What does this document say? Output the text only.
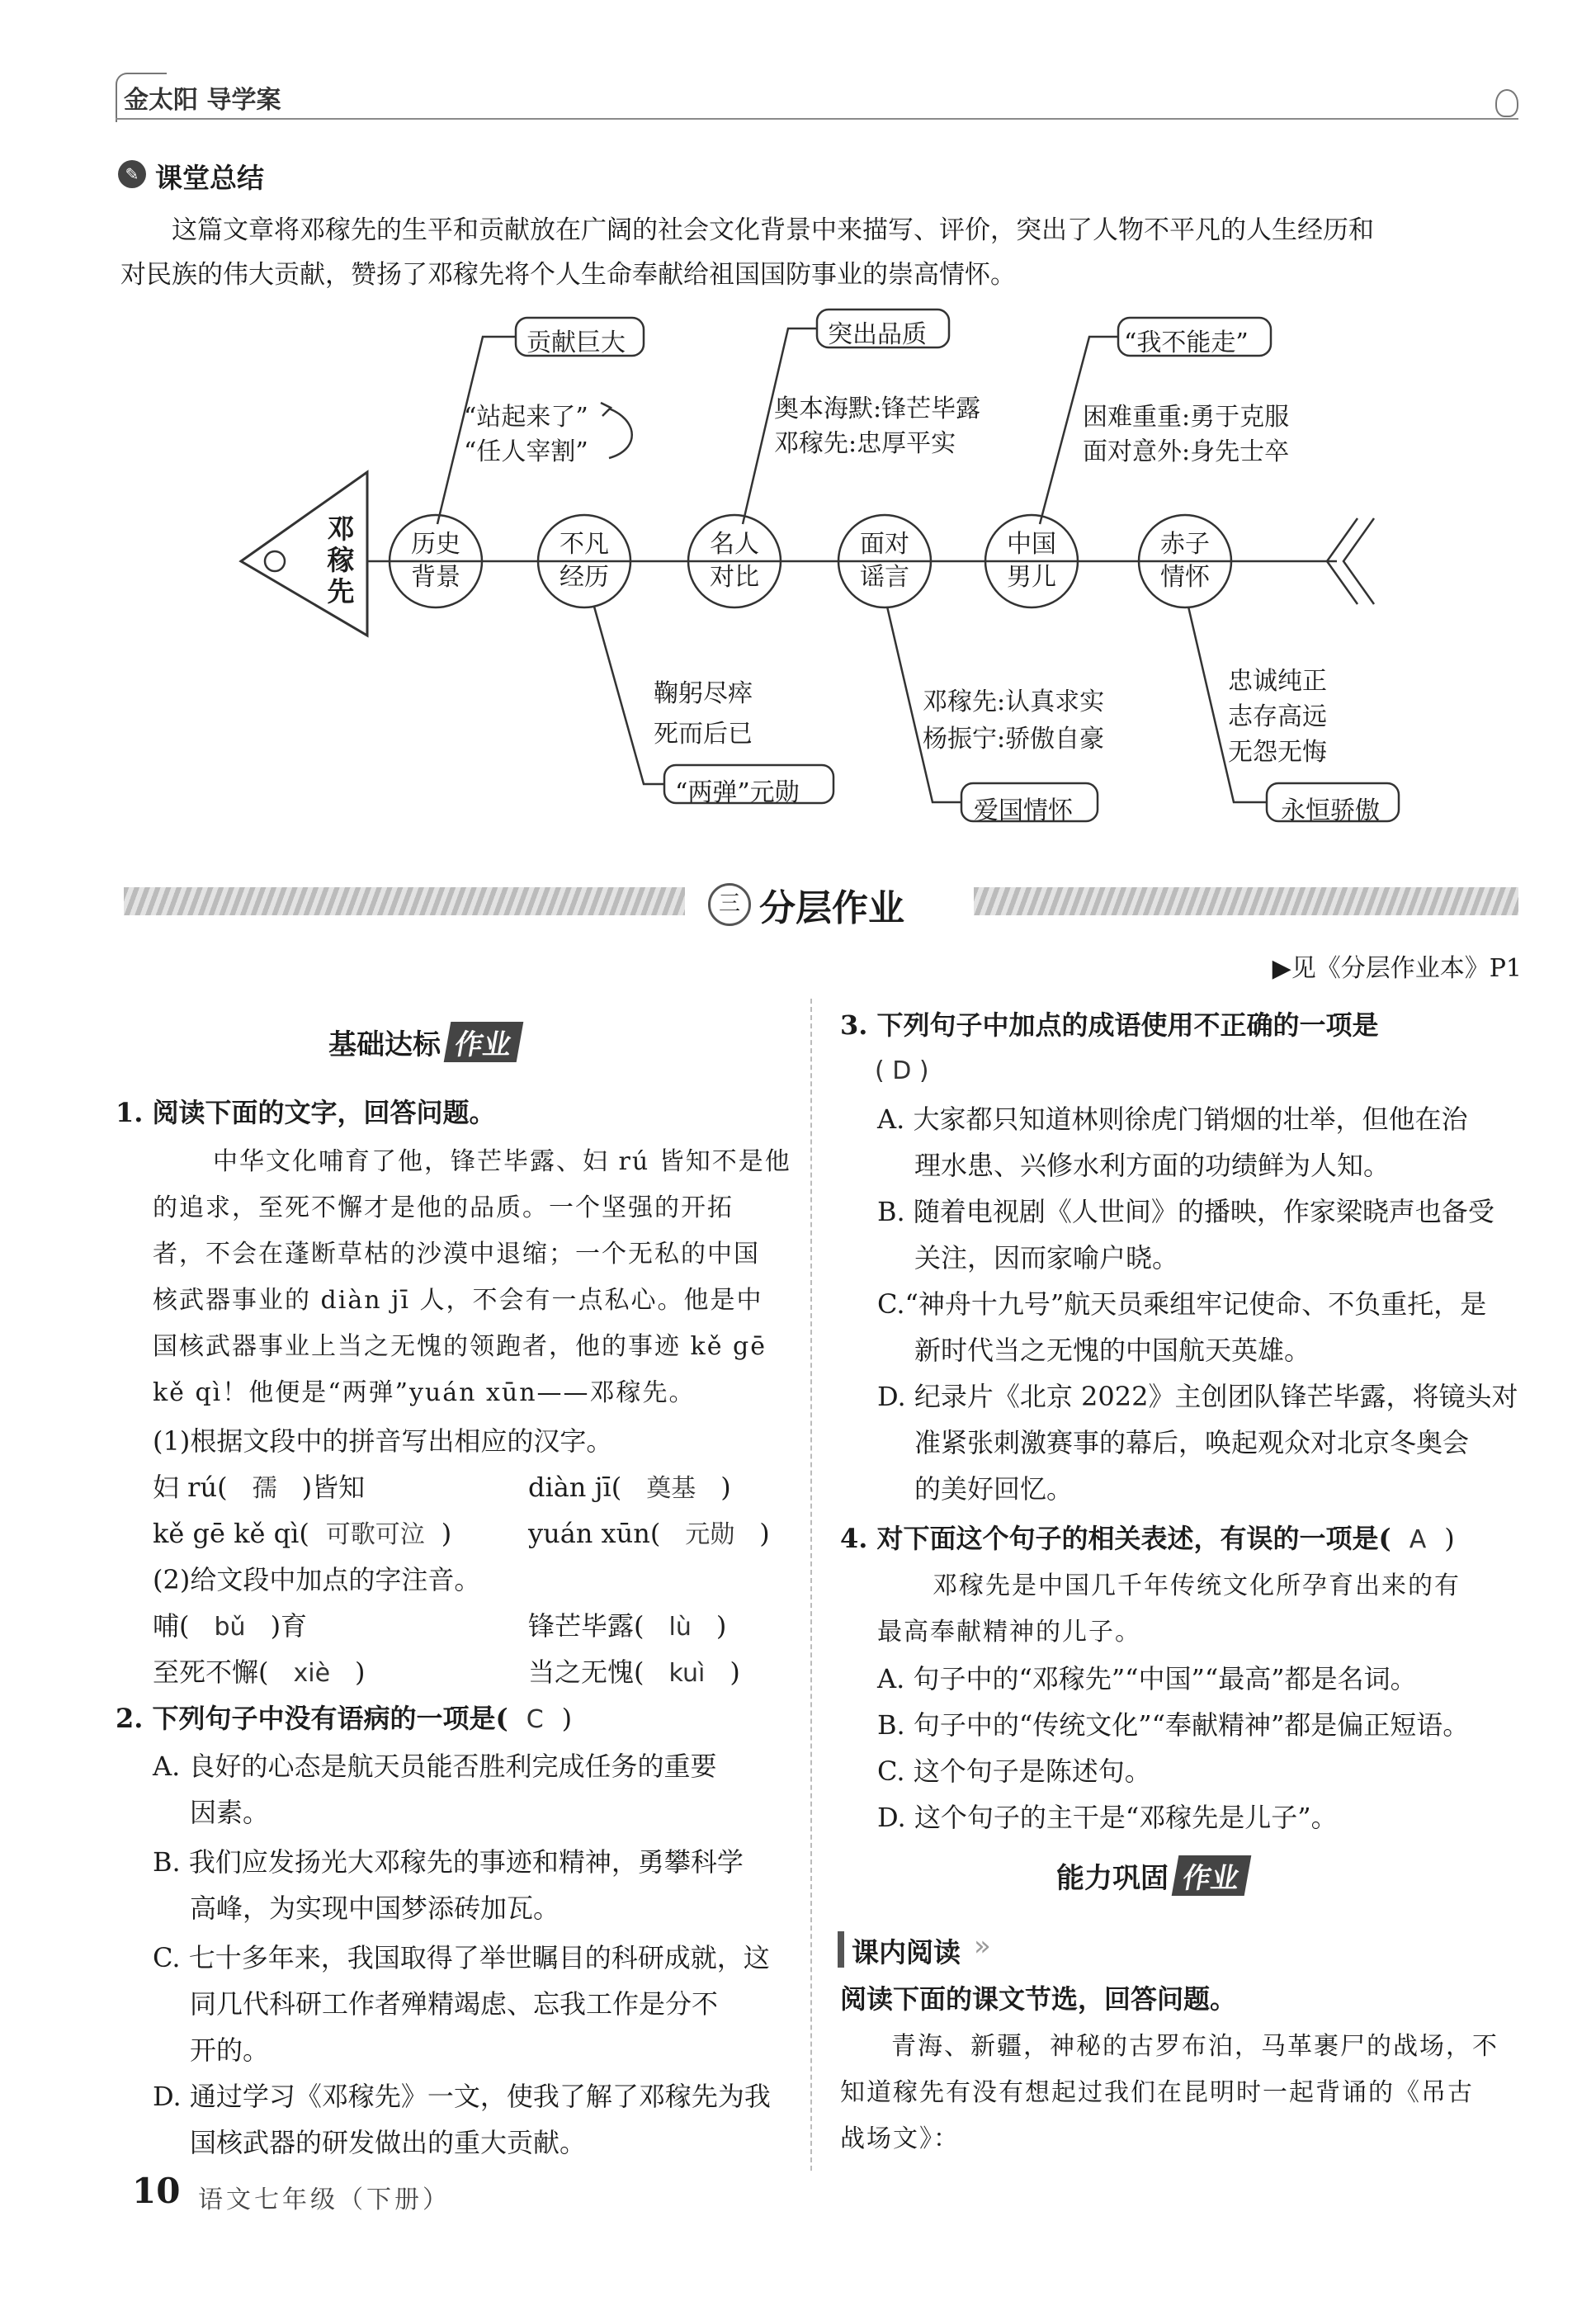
金太阳 导学案
✎ 课堂总结
这篇文章将邓稼先的生平和贡献放在广阔的社会文化背景中来描写、评价，突出了人物不平凡的人生经历和
对民族的伟大贡献，赞扬了邓稼先将个人生命奉献给祖国国防事业的崇高情怀。
邓稼先
历史
背景
不凡
经历
名人
对比
面对
谣言
中国
男儿
赤子
情怀
贡献巨大
“站起来了”
“任人宰割”
突出品质
奥本海默:锋芒毕露
邓稼先:忠厚平实
“我不能走”
困难重重:勇于克服
面对意外:身先士卒
鞠躬尽瘁
死而后已
“两弹”元勋
邓稼先:认真求实
杨振宁:骄傲自豪
爱国情怀
忠诚纯正
志存高远
无怨无悔
永恒骄傲
三 分层作业
▶见《分层作业本》P1
基础达标 作业
1. 阅读下面的文字，回答问题。
中华文化哺育了他，锋芒毕露、妇 rú 皆知不是他
的追求，至死不懈才是他的品质。一个坚强的开拓
者，不会在蓬断草枯的沙漠中退缩；一个无私的中国
核武器事业的 diàn jī 人，不会有一点私心。他是中
国核武器事业上当之无愧的领跑者，他的事迹 kě gē
kě qì！他便是“两弹”yuán xūn——邓稼先。
(1)根据文段中的拼音写出相应的汉字。
妇 rú( 孺 )皆知	diàn jī( 奠基 )
kě gē kě qì( 可歌可泣 )	yuán xūn( 元勋 )
(2)给文段中加点的字注音。
哺( bǔ )育	锋芒毕露( lù )
至死不懈( xiè )	当之无愧( kuì )
2. 下列句子中没有语病的一项是( C )
A. 良好的心态是航天员能否胜利完成任务的重要
因素。
B. 我们应发扬光大邓稼先的事迹和精神，勇攀科学
高峰，为实现中国梦添砖加瓦。
C. 七十多年来，我国取得了举世瞩目的科研成就，这
同几代科研工作者殚精竭虑、忘我工作是分不
开的。
D. 通过学习《邓稼先》一文，使我了解了邓稼先为我
国核武器的研发做出的重大贡献。
3. 下列句子中加点的成语使用不正确的一项是
( D )
A. 大家都只知道林则徐虎门销烟的壮举，但他在治
理水患、兴修水利方面的功绩鲜为人知。
B. 随着电视剧《人世间》的播映，作家梁晓声也备受
关注，因而家喻户晓。
C.“神舟十九号”航天员乘组牢记使命、不负重托，是
新时代当之无愧的中国航天英雄。
D. 纪录片《北京 2022》主创团队锋芒毕露，将镜头对
准紧张刺激赛事的幕后，唤起观众对北京冬奥会
的美好回忆。
4. 对下面这个句子的相关表述，有误的一项是( A )
邓稼先是中国几千年传统文化所孕育出来的有
最高奉献精神的儿子。
A. 句子中的“邓稼先”“中国”“最高”都是名词。
B. 句子中的“传统文化”“奉献精神”都是偏正短语。
C. 这个句子是陈述句。
D. 这个句子的主干是“邓稼先是儿子”。
能力巩固 作业
课内阅读 »
阅读下面的课文节选，回答问题。
青海、新疆，神秘的古罗布泊，马革裹尸的战场，不
知道稼先有没有想起过我们在昆明时一起背诵的《吊古
战场文》：
10 语文七年级（下册）
